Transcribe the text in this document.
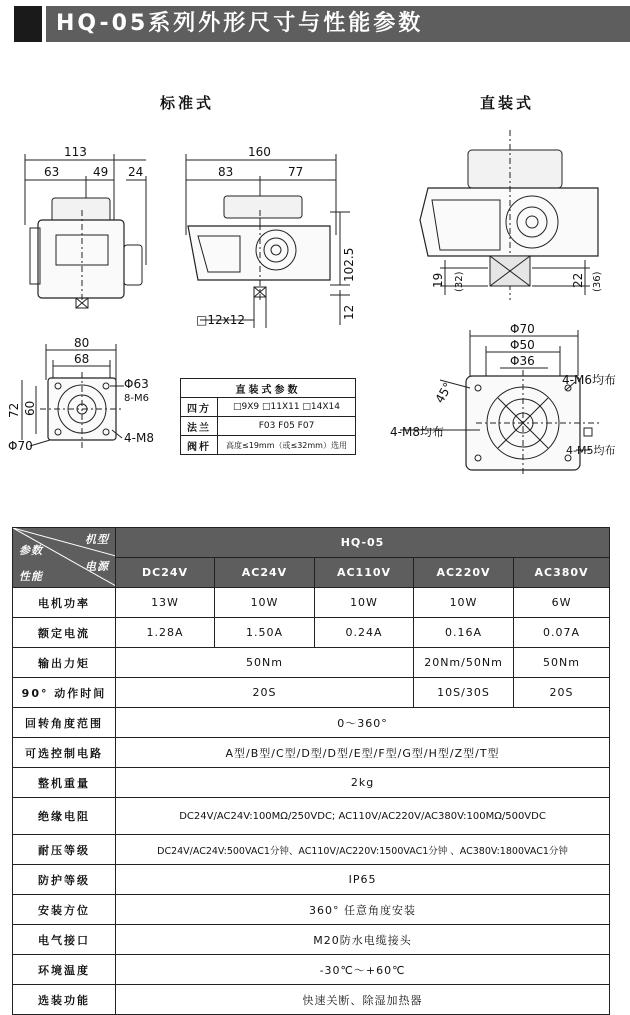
HQ-05系列外形尺寸与性能参数
标准式	直装式
113
63	49 24
160
83	77
102.5
12
□12x12
80
68
72 60
Φ63
8-M6
Φ70
4-M8
19 (32)	22 (36)
Φ70
Φ50
Φ36
45°
4-M6均布
4-M8均布
4-M5均布
直装式参数	
四方	□9X9 □11X11 □14X14
法兰	F03 F05 F07
阀杆	高度≤19mm（或≤32mm）选用
机型
参数
电源
性能	HQ-05				
	DC24V	AC24V	AC110V	AC220V	AC380V
电机功率	13W	10W	10W	10W	6W
额定电流	1.28A	1.50A	0.24A	0.16A	0.07A
输出力矩	50Nm			20Nm/50Nm	50Nm
90° 动作时间	20S			10S/30S	20S
回转角度范围	0～360°				
可选控制电路	A型/B型/C型/D型/D型/E型/F型/G型/H型/Z型/T型				
整机重量	2kg				
绝缘电阻	DC24V/AC24V:100MΩ/250VDC; AC110V/AC220V/AC380V:100MΩ/500VDC				
耐压等级	DC24V/AC24V:500VAC1分钟、AC110V/AC220V:1500VAC1分钟 、AC380V:1800VAC1分钟				
防护等级	IP65				
安装方位	360° 任意角度安装				
电气接口	M20防水电缆接头				
环境温度	-30℃～+60℃				
选装功能	快速关断、除湿加热器				
